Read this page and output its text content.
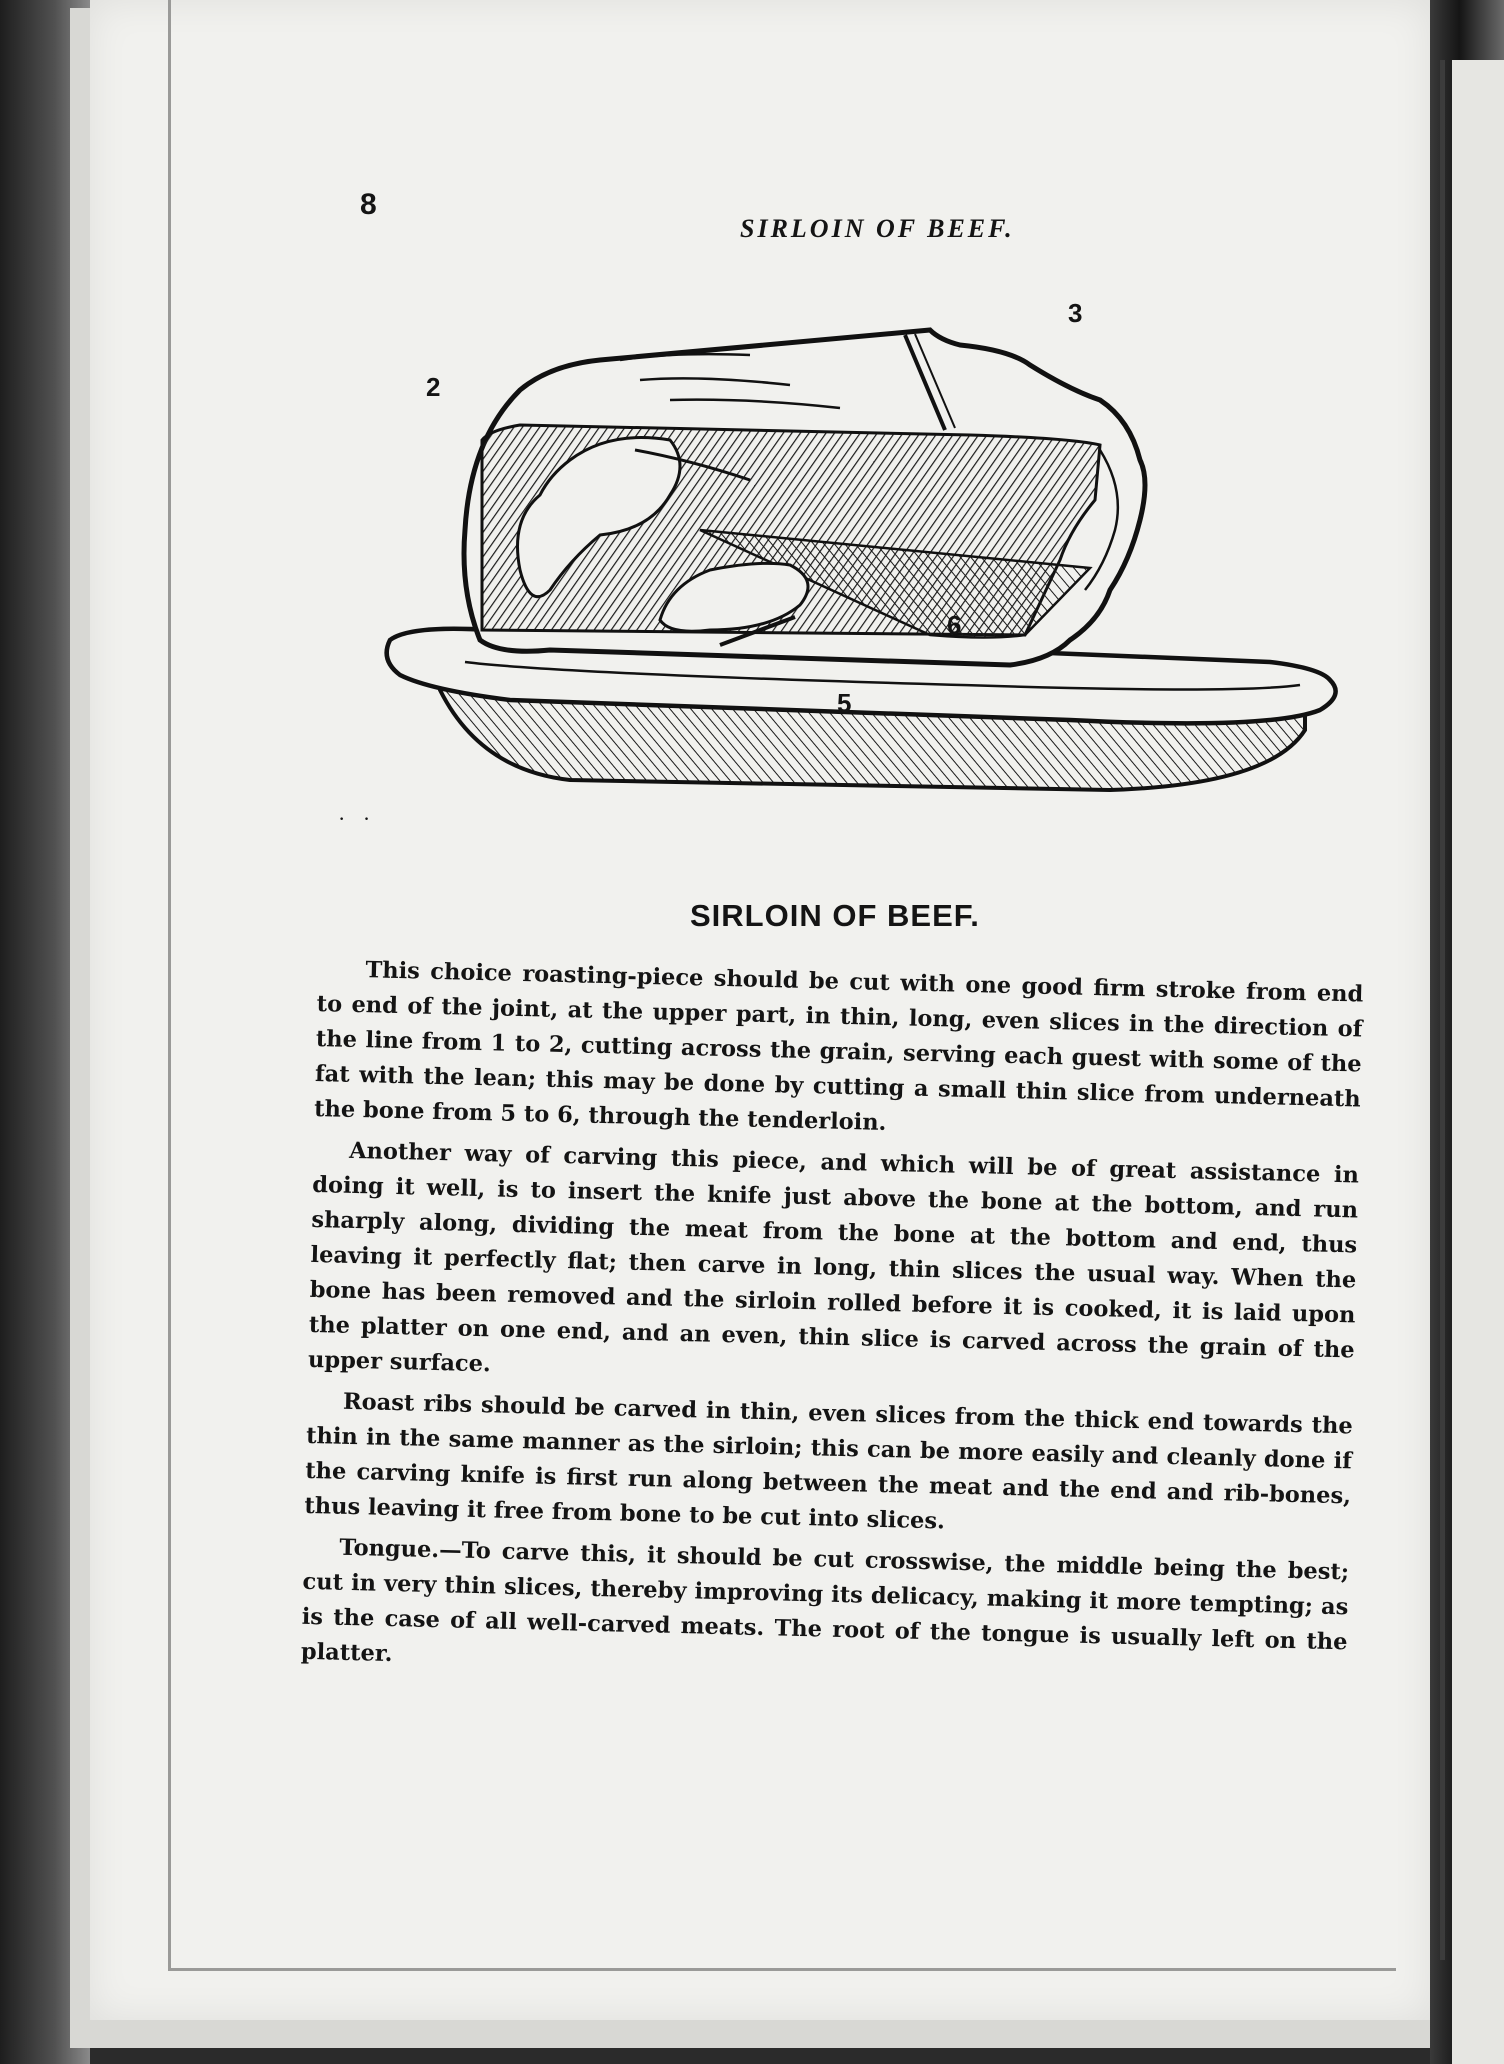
8
SIRLOIN OF BEEF.
2
3
5
6
· ·
SIRLOIN OF BEEF.

This choice roasting-piece should be cut with one good firm stroke from end to end of the joint, at the upper part, in thin, long, even slices in the direction of the line from 1 to 2, cutting across the grain, serving each guest with some of the fat with the lean; this may be done by cutting a small thin slice from underneath the bone from 5 to 6, through the tenderloin.

Another way of carving this piece, and which will be of great assistance in doing it well, is to insert the knife just above the bone at the bottom, and run sharply along, dividing the meat from the bone at the bottom and end, thus leaving it perfectly flat; then carve in long, thin slices the usual way. When the bone has been removed and the sirloin rolled before it is cooked, it is laid upon the platter on one end, and an even, thin slice is carved across the grain of the upper surface.

Roast ribs should be carved in thin, even slices from the thick end towards the thin in the same manner as the sirloin; this can be more easily and cleanly done if the carving knife is first run along between the meat and the end and rib-bones, thus leaving it free from bone to be cut into slices.

Tongue.—To carve this, it should be cut crosswise, the middle being the best; cut in very thin slices, thereby improving its delicacy, making it more tempting; as is the case of all well-carved meats. The root of the tongue is usually left on the platter.
